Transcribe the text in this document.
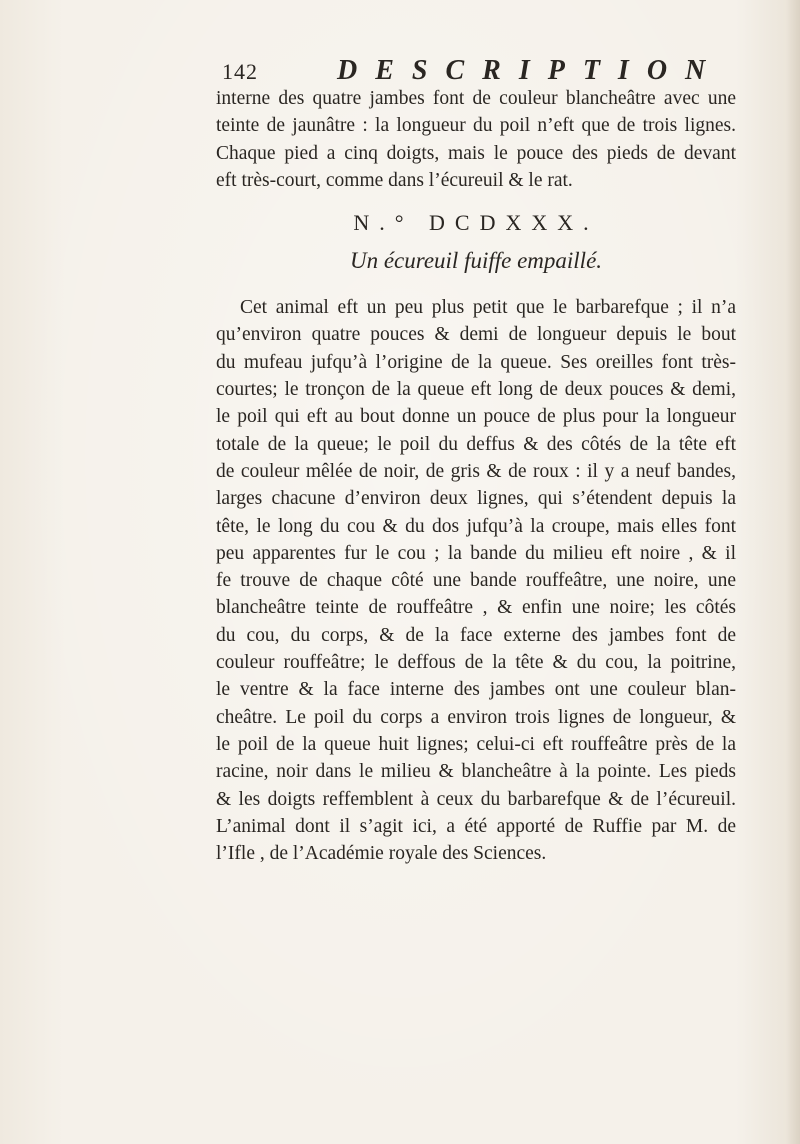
142	DESCRIPTION

interne des quatre jambes font de couleur blancheâtre avec une
teinte de jaunâtre : la longueur du poil n’eft que de trois lignes.
Chaque pied a cinq doigts, mais le pouce des pieds de devant
eft très-court, comme dans l’écureuil & le rat.

N.° DCDXXX.
Un écureuil fuiffe empaillé.

Cet animal eft un peu plus petit que le barbarefque ; il n’a
qu’environ quatre pouces & demi de longueur depuis le bout
du mufeau jufqu’à l’origine de la queue. Ses oreilles font très-
courtes; le tronçon de la queue eft long de deux pouces & demi,
le poil qui eft au bout donne un pouce de plus pour la longueur
totale de la queue; le poil du deffus & des côtés de la tête eft
de couleur mêlée de noir, de gris & de roux : il y a neuf bandes,
larges chacune d’environ deux lignes, qui s’étendent depuis la
tête, le long du cou & du dos jufqu’à la croupe, mais elles font
peu apparentes fur le cou ; la bande du milieu eft noire , & il
fe trouve de chaque côté une bande rouffeâtre, une noire, une
blancheâtre teinte de rouffeâtre , & enfin une noire; les côtés
du cou, du corps, & de la face externe des jambes font de
couleur rouffeâtre; le deffous de la tête & du cou, la poitrine,
le ventre & la face interne des jambes ont une couleur blan-
cheâtre. Le poil du corps a environ trois lignes de longueur, &
le poil de la queue huit lignes; celui-ci eft rouffeâtre près de la
racine, noir dans le milieu & blancheâtre à la pointe. Les pieds
& les doigts reffemblent à ceux du barbarefque & de l’écureuil.
L’animal dont il s’agit ici, a été apporté de Ruffie par M. de
l’Ifle , de l’Académie royale des Sciences.
